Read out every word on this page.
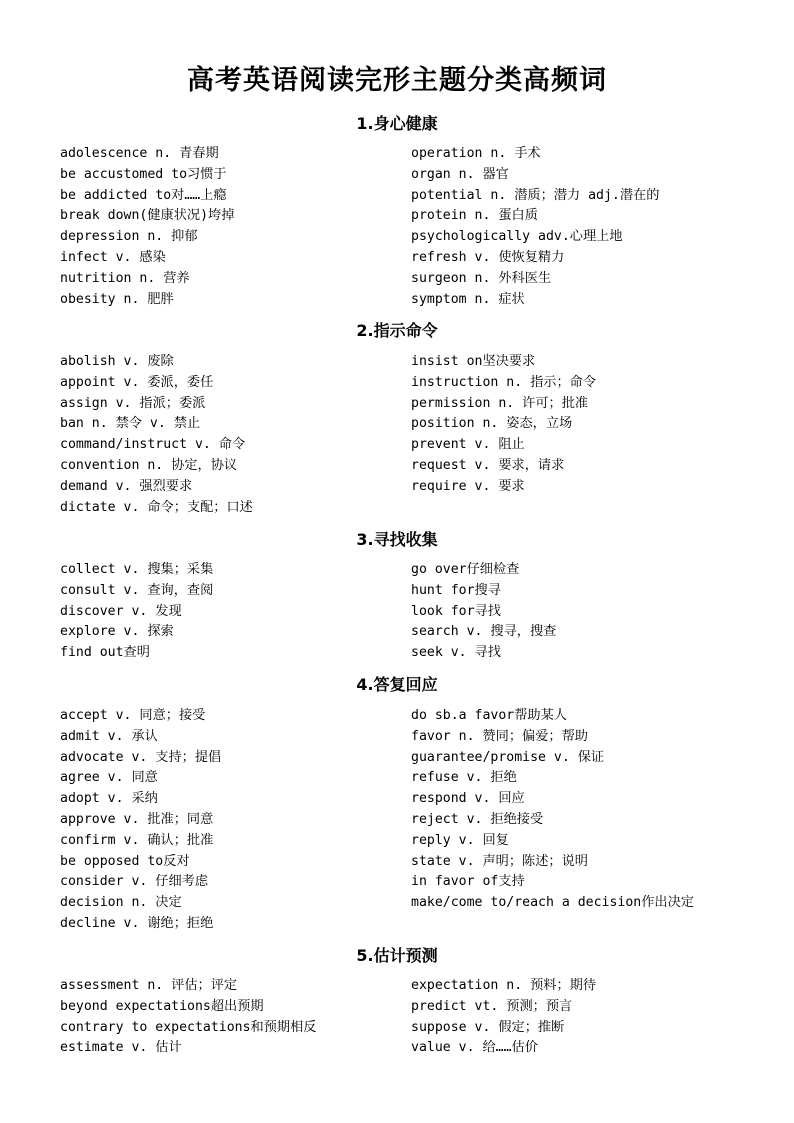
高考英语阅读完形主题分类高频词
1.身心健康
adolescence n. 青春期
be accustomed to习惯于
be addicted to对……上瘾
break down(健康状况)垮掉
depression n. 抑郁
infect v. 感染
nutrition n. 营养
obesity n. 肥胖
operation n. 手术
organ n. 器官
potential n. 潜质；潜力 adj.潜在的
protein n. 蛋白质
psychologically adv.心理上地
refresh v. 使恢复精力
surgeon n. 外科医生
symptom n. 症状
2.指示命令
abolish v. 废除
appoint v. 委派，委任
assign v. 指派；委派
ban n. 禁令 v. 禁止
command/instruct v. 命令
convention n. 协定，协议
demand v. 强烈要求
dictate v. 命令；支配；口述
insist on坚决要求
instruction n. 指示；命令
permission n. 许可；批准
position n. 姿态，立场
prevent v. 阻止
request v. 要求，请求
require v. 要求
3.寻找收集
collect v. 搜集；采集
consult v. 查询，查阅
discover v. 发现
explore v. 探索
find out查明
go over仔细检查
hunt for搜寻
look for寻找
search v. 搜寻，搜查
seek v. 寻找
4.答复回应
accept v. 同意；接受
admit v. 承认
advocate v. 支持；提倡
agree v. 同意
adopt v. 采纳
approve v. 批准；同意
confirm v. 确认；批准
be opposed to反对
consider v. 仔细考虑
decision n. 决定
decline v. 谢绝；拒绝
do sb.a favor帮助某人
favor n. 赞同；偏爱；帮助
guarantee/promise v. 保证
refuse v. 拒绝
respond v. 回应
reject v. 拒绝接受
reply v. 回复
state v. 声明；陈述；说明
in favor of支持
make/come to/reach a decision作出决定
5.估计预测
assessment n. 评估；评定
beyond expectations超出预期
contrary to expectations和预期相反
estimate v. 估计
expectation n. 预料；期待
predict vt. 预测；预言
suppose v. 假定；推断
value v. 给……估价
